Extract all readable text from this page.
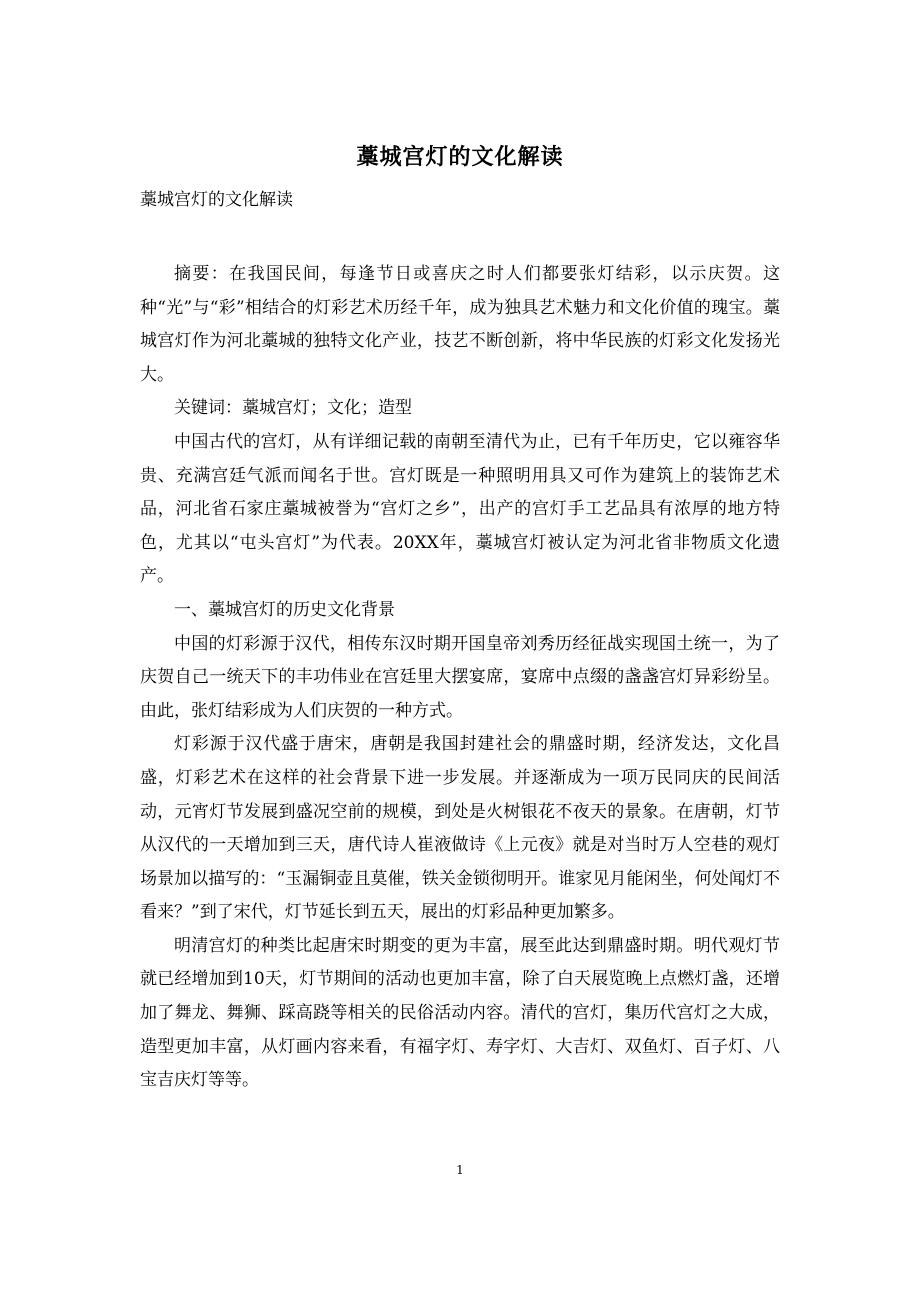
藁城宫灯的文化解读
藁城宫灯的文化解读

摘要：在我国民间，每逢节日或喜庆之时人们都要张灯结彩，以示庆贺。这种“光”与“彩”相结合的灯彩艺术历经千年，成为独具艺术魅力和文化价值的瑰宝。藁城宫灯作为河北藁城的独特文化产业，技艺不断创新，将中华民族的灯彩文化发扬光大。

关键词：藁城宫灯；文化；造型

中国古代的宫灯，从有详细记载的南朝至清代为止，已有千年历史，它以雍容华贵、充满宫廷气派而闻名于世。宫灯既是一种照明用具又可作为建筑上的装饰艺术品，河北省石家庄藁城被誉为“宫灯之乡”，出产的宫灯手工艺品具有浓厚的地方特色，尤其以“屯头宫灯”为代表。20XX年，藁城宫灯被认定为河北省非物质文化遗产。

一、藁城宫灯的历史文化背景

中国的灯彩源于汉代，相传东汉时期开国皇帝刘秀历经征战实现国土统一，为了庆贺自己一统天下的丰功伟业在宫廷里大摆宴席，宴席中点缀的盏盏宫灯异彩纷呈。由此，张灯结彩成为人们庆贺的一种方式。

灯彩源于汉代盛于唐宋，唐朝是我国封建社会的鼎盛时期，经济发达，文化昌盛，灯彩艺术在这样的社会背景下进一步发展。并逐渐成为一项万民同庆的民间活动，元宵灯节发展到盛况空前的规模，到处是火树银花不夜天的景象。在唐朝，灯节从汉代的一天增加到三天，唐代诗人崔液做诗《上元夜》就是对当时万人空巷的观灯场景加以描写的：“玉漏铜壶且莫催，铁关金锁彻明开。谁家见月能闲坐，何处闻灯不看来？”到了宋代，灯节延长到五天，展出的灯彩品种更加繁多。

明清宫灯的种类比起唐宋时期变的更为丰富，展至此达到鼎盛时期。明代观灯节就已经增加到10天，灯节期间的活动也更加丰富，除了白天展览晚上点燃灯盏，还增加了舞龙、舞狮、踩高跷等相关的民俗活动内容。清代的宫灯，集历代宫灯之大成，造型更加丰富，从灯画内容来看，有福字灯、寿字灯、大吉灯、双鱼灯、百子灯、八宝吉庆灯等等。

1
